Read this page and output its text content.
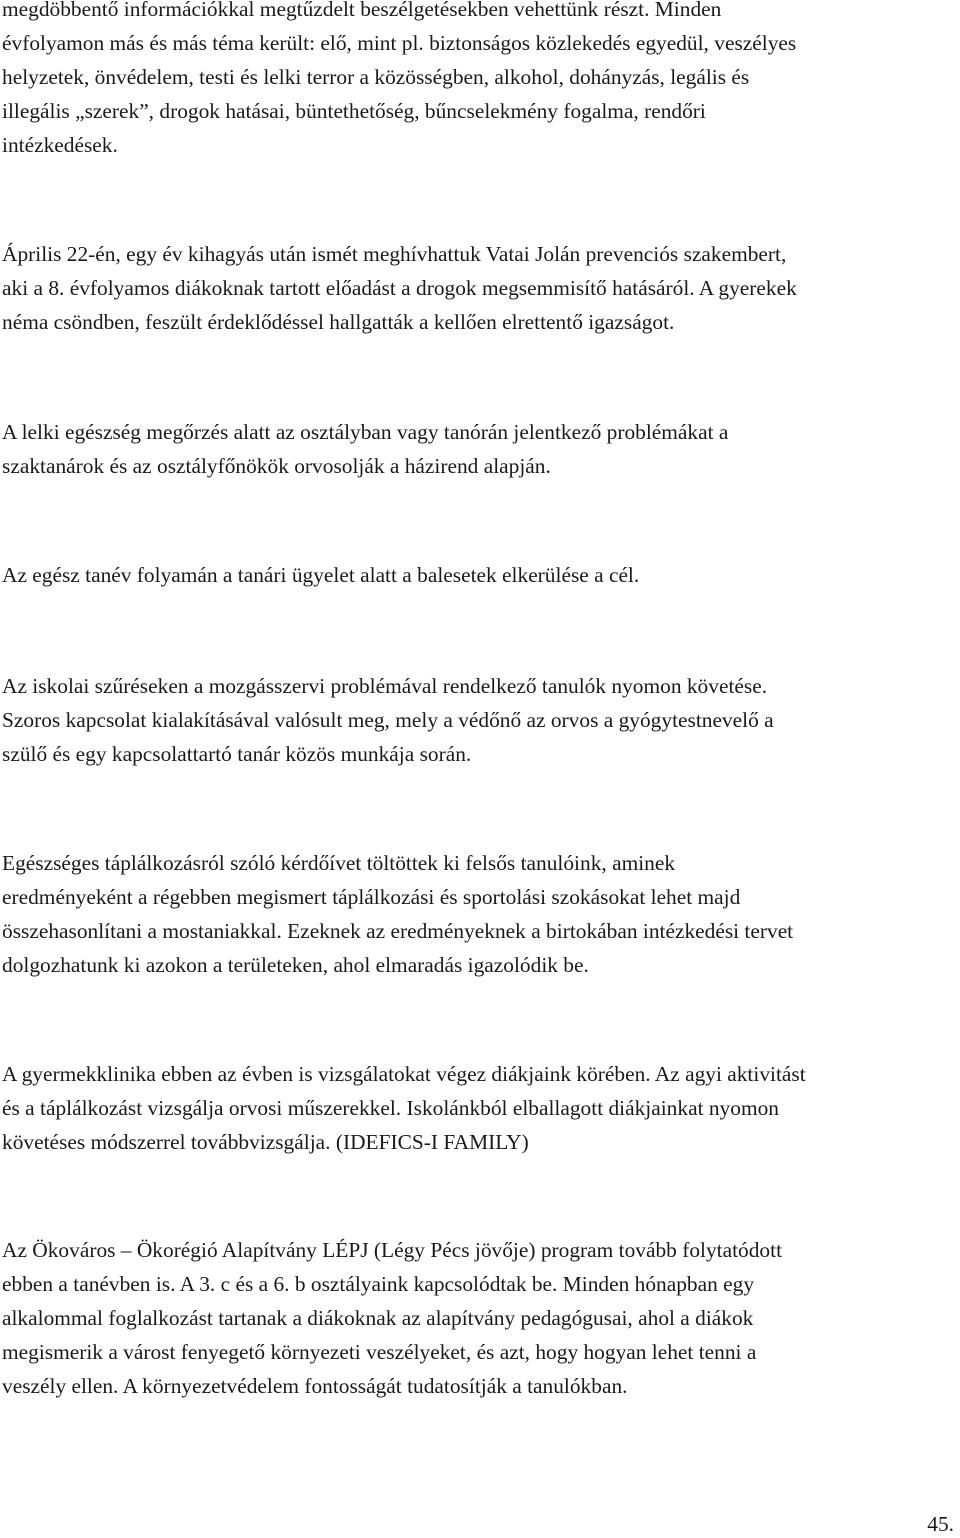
megdöbbentő információkkal megtűzdelt beszélgetésekben vehettünk részt. Minden
évfolyamon más és más téma került: elő, mint pl. biztonságos közlekedés egyedül, veszélyes
helyzetek, önvédelem, testi és lelki terror a közösségben, alkohol, dohányzás, legális és
illegális „szerek”, drogok hatásai, büntethetőség, bűncselekmény fogalma, rendőri
intézkedések.

Április 22-én, egy év kihagyás után ismét meghívhattuk Vatai Jolán prevenciós szakembert,
aki a 8. évfolyamos diákoknak tartott előadást a drogok megsemmisítő hatásáról. A gyerekek
néma csöndben, feszült érdeklődéssel hallgatták a kellően elrettentő igazságot.

A lelki egészség megőrzés alatt az osztályban vagy tanórán jelentkező problémákat a
szaktanárok és az osztályfőnökök orvosolják a házirend alapján.

Az egész tanév folyamán a tanári ügyelet alatt a balesetek elkerülése a cél.

Az iskolai szűréseken a mozgásszervi problémával rendelkező tanulók nyomon követése.
Szoros kapcsolat kialakításával valósult meg, mely a védőnő az orvos a gyógytestnevelő a
szülő és egy kapcsolattartó tanár közös munkája során.

Egészséges táplálkozásról szóló kérdőívet töltöttek ki felsős tanulóink, aminek
eredményeként a régebben megismert táplálkozási és sportolási szokásokat lehet majd
összehasonlítani a mostaniakkal. Ezeknek az eredményeknek a birtokában intézkedési tervet
dolgozhatunk ki azokon a területeken, ahol elmaradás igazolódik be.

A gyermekklinika ebben az évben is vizsgálatokat végez diákjaink körében. Az agyi aktivitást
és a táplálkozást vizsgálja orvosi műszerekkel. Iskolánkból elballagott diákjainkat nyomon
követéses módszerrel továbbvizsgálja. (IDEFICS-I FAMILY)

Az Ökováros – Ökorégió Alapítvány LÉPJ (Légy Pécs jövője) program tovább folytatódott
ebben a tanévben is. A 3. c és a 6. b osztályaink kapcsolódtak be. Minden hónapban egy
alkalommal foglalkozást tartanak a diákoknak az alapítvány pedagógusai, ahol a diákok
megismerik a várost fenyegető környezeti veszélyeket, és azt, hogy hogyan lehet tenni a
veszély ellen. A környezetvédelem fontosságát tudatosítják a tanulókban.

45.
